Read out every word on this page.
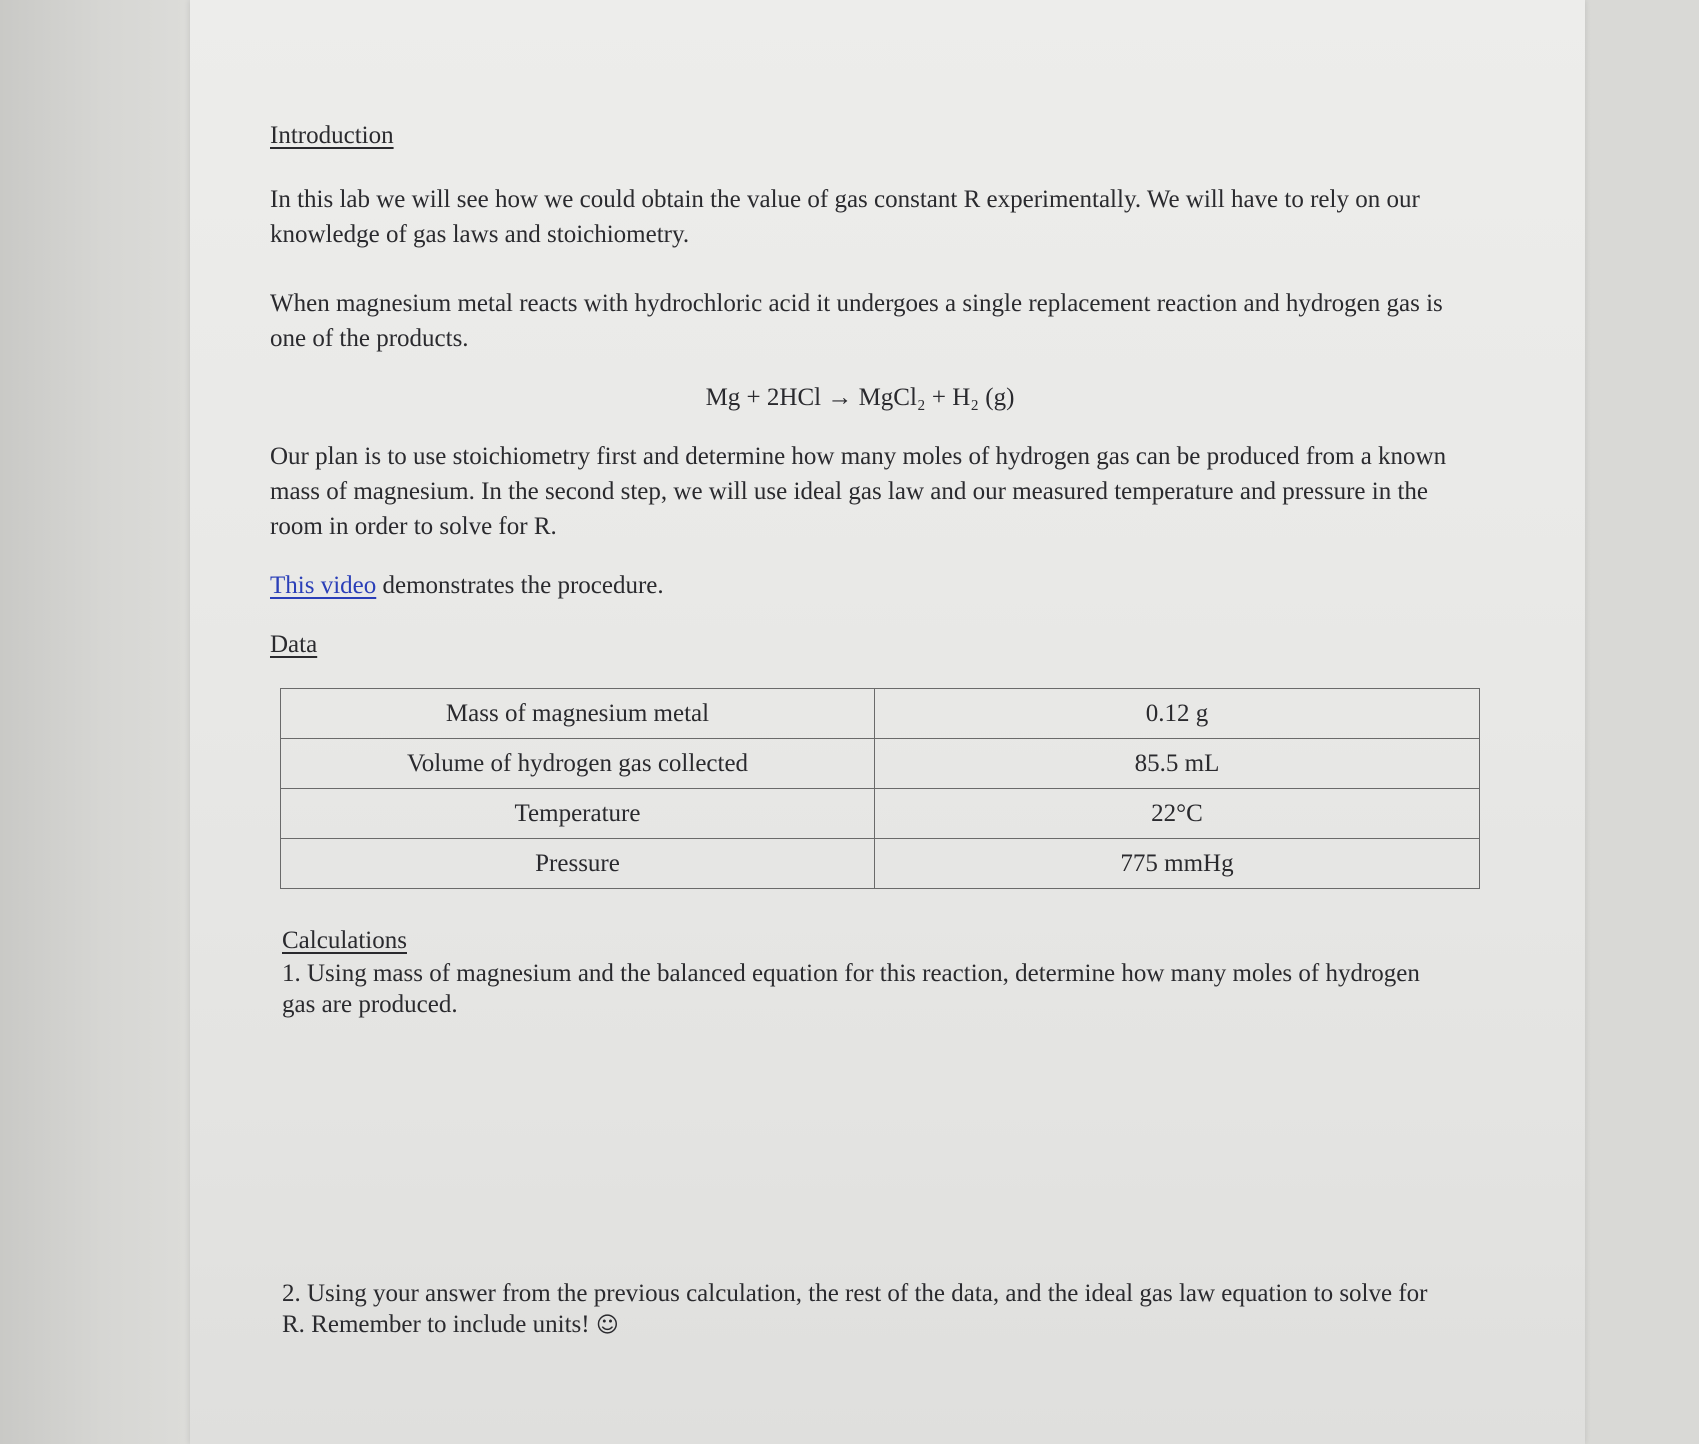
Introduction

In this lab we will see how we could obtain the value of gas constant R experimentally. We will have to rely on our knowledge of gas laws and stoichiometry.

When magnesium metal reacts with hydrochloric acid it undergoes a single replacement reaction and hydrogen gas is one of the products.

Mg + 2HCl → MgCl₂ + H₂ (g)

Our plan is to use stoichiometry first and determine how many moles of hydrogen gas can be produced from a known mass of magnesium. In the second step, we will use ideal gas law and our measured temperature and pressure in the room in order to solve for R.

This video demonstrates the procedure.

Data
Mass of magnesium metal	0.12 g
Volume of hydrogen gas collected	85.5 mL
Temperature	22°C
Pressure	775 mmHg
Calculations

1. Using mass of magnesium and the balanced equation for this reaction, determine how many moles of hydrogen gas are produced.

2. Using your answer from the previous calculation, the rest of the data, and the ideal gas law equation to solve for R. Remember to include units! ☺
